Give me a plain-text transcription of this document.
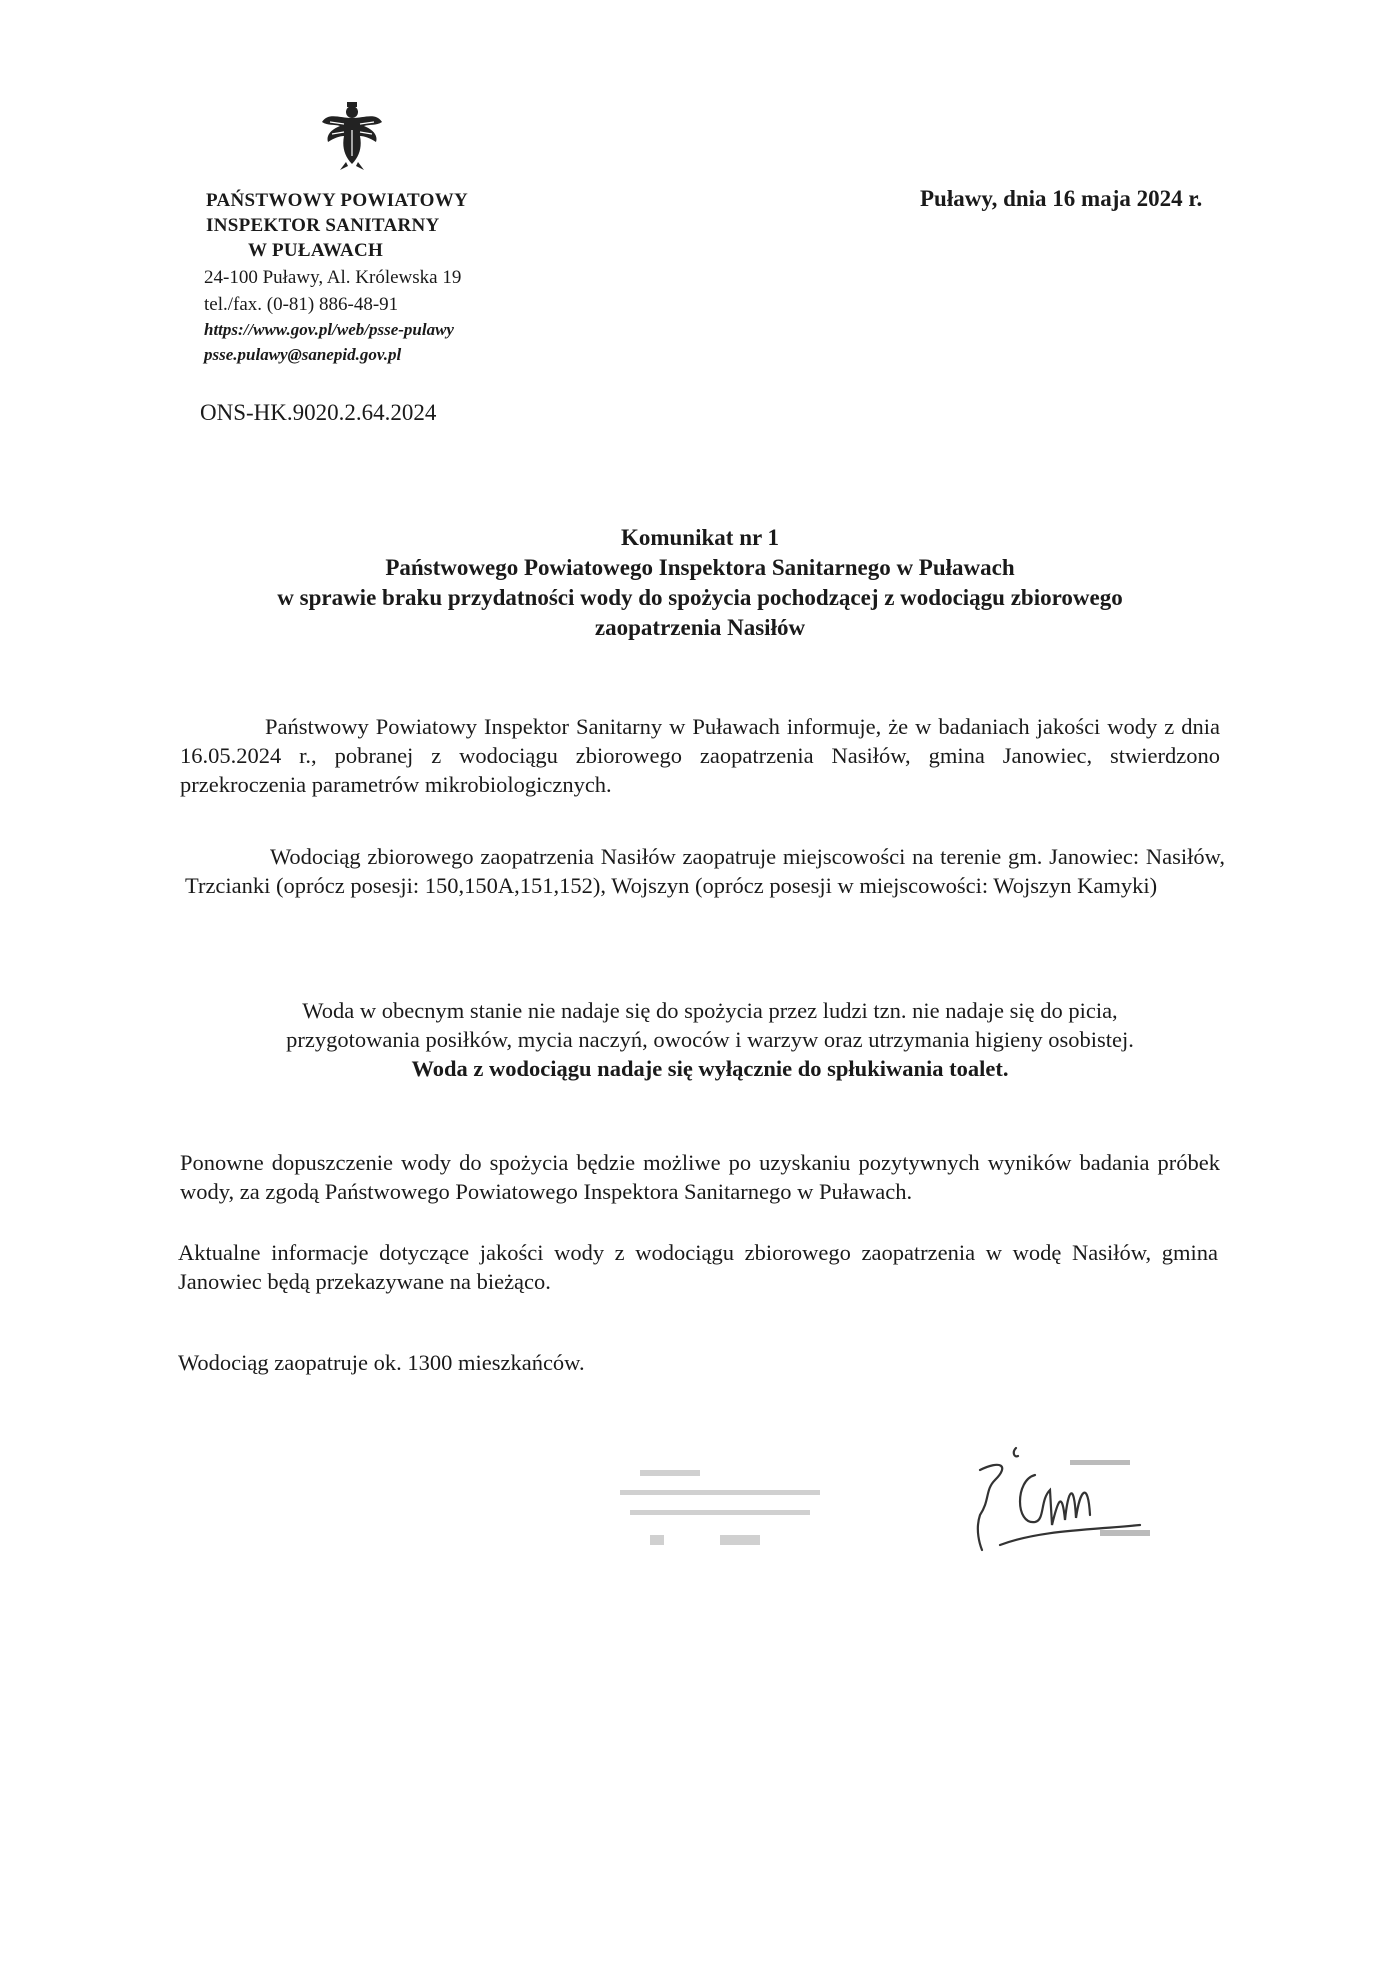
PAŃSTWOWY POWIATOWY
INSPEKTOR SANITARNY
W PUŁAWACH
24-100 Puławy, Al. Królewska 19
tel./fax. (0-81) 886-48-91
https://www.gov.pl/web/psse-pulawy
psse.pulawy@sanepid.gov.pl
Puławy, dnia 16 maja 2024 r.
ONS-HK.9020.2.64.2024
Komunikat nr 1
Państwowego Powiatowego Inspektora Sanitarnego w Puławach
w sprawie braku przydatności wody do spożycia pochodzącej z wodociągu zbiorowego
zaopatrzenia Nasiłów
Państwowy Powiatowy Inspektor Sanitarny w Puławach informuje, że w badaniach jakości wody z dnia 16.05.2024 r., pobranej z wodociągu zbiorowego zaopatrzenia Nasiłów, gmina Janowiec, stwierdzono przekroczenia parametrów mikrobiologicznych.
Wodociąg zbiorowego zaopatrzenia Nasiłów zaopatruje miejscowości na terenie gm. Janowiec: Nasiłów, Trzcianki (oprócz posesji: 150,150A,151,152), Wojszyn (oprócz posesji w miejscowości: Wojszyn Kamyki)
Woda w obecnym stanie nie nadaje się do spożycia przez ludzi tzn. nie nadaje się do picia,
przygotowania posiłków, mycia naczyń, owoców i warzyw oraz utrzymania higieny osobistej.
Woda z wodociągu nadaje się wyłącznie do spłukiwania toalet.
Ponowne dopuszczenie wody do spożycia będzie możliwe po uzyskaniu pozytywnych wyników badania próbek wody, za zgodą Państwowego Powiatowego Inspektora Sanitarnego w Puławach.
Aktualne informacje dotyczące jakości wody z wodociągu zbiorowego zaopatrzenia w wodę Nasiłów, gmina Janowiec będą przekazywane na bieżąco.
Wodociąg zaopatruje ok. 1300 mieszkańców.
